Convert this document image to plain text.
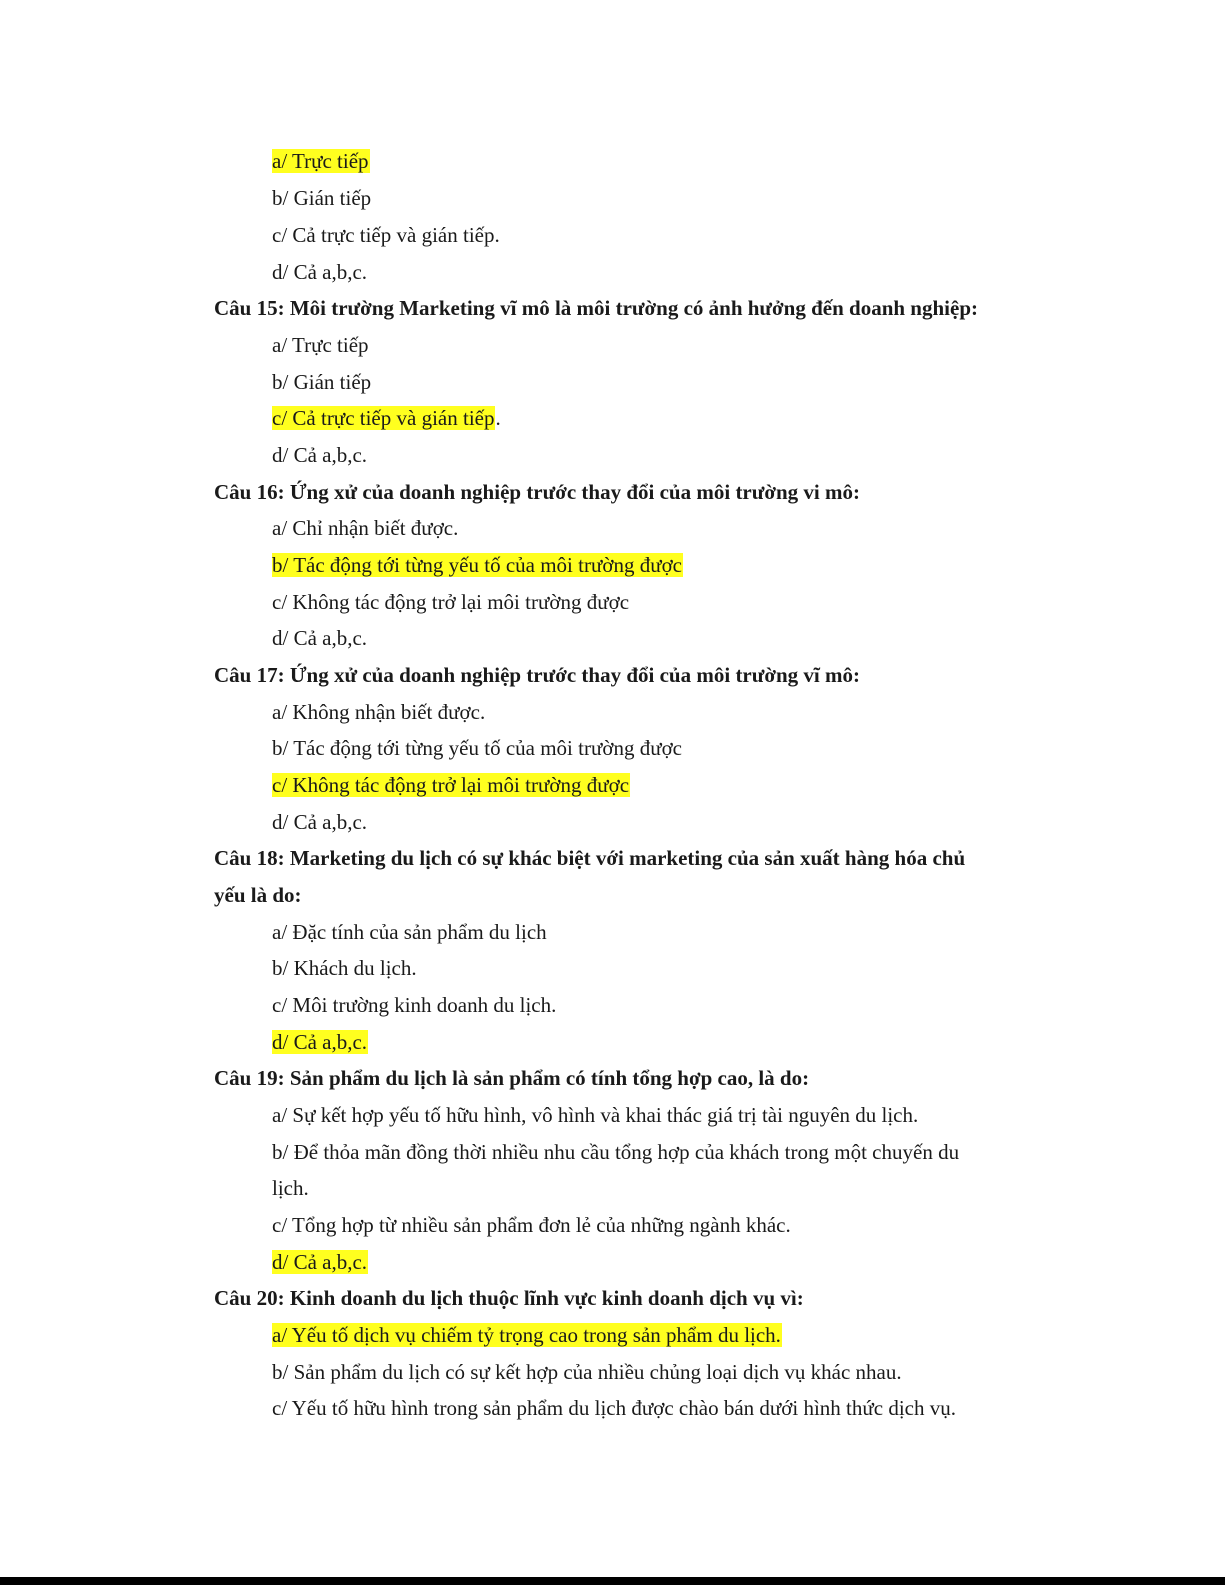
a/ Trực tiếp
b/ Gián tiếp
c/ Cả trực tiếp và gián tiếp.
d/ Cả a,b,c.
Câu 15: Môi trường Marketing vĩ mô là môi trường có ảnh hưởng đến doanh nghiệp:
a/ Trực tiếp
b/ Gián tiếp
c/ Cả trực tiếp và gián tiếp.
d/ Cả a,b,c.
Câu 16: Ứng xử của doanh nghiệp trước thay đổi của môi trường vi mô:
a/ Chỉ nhận biết được.
b/ Tác động tới từng yếu tố của môi trường được
c/ Không tác động trở lại môi trường được
d/ Cả a,b,c.
Câu 17: Ứng xử của doanh nghiệp trước thay đổi của môi trường vĩ mô:
a/ Không nhận biết được.
b/ Tác động tới từng yếu tố của môi trường được
c/ Không tác động trở lại môi trường được
d/ Cả a,b,c.
Câu 18: Marketing du lịch có sự khác biệt với marketing của sản xuất hàng hóa chủ
yếu là do:
a/ Đặc tính của sản phẩm du lịch
b/ Khách du lịch.
c/ Môi trường kinh doanh du lịch.
d/ Cả a,b,c.
Câu 19: Sản phẩm du lịch là sản phẩm có tính tổng hợp cao, là do:
a/ Sự kết hợp yếu tố hữu hình, vô hình và khai thác giá trị tài nguyên du lịch.
b/ Để thỏa mãn đồng thời nhiều nhu cầu tổng hợp của khách trong một chuyến du
lịch.
c/ Tổng hợp từ nhiều sản phẩm đơn lẻ của những ngành khác.
d/ Cả a,b,c.
Câu 20: Kinh doanh du lịch thuộc lĩnh vực kinh doanh dịch vụ vì:
a/ Yếu tố dịch vụ chiếm tỷ trọng cao trong sản phẩm du lịch.
b/ Sản phẩm du lịch có sự kết hợp của nhiều chủng loại dịch vụ khác nhau.
c/ Yếu tố hữu hình trong sản phẩm du lịch được chào bán dưới hình thức dịch vụ.
